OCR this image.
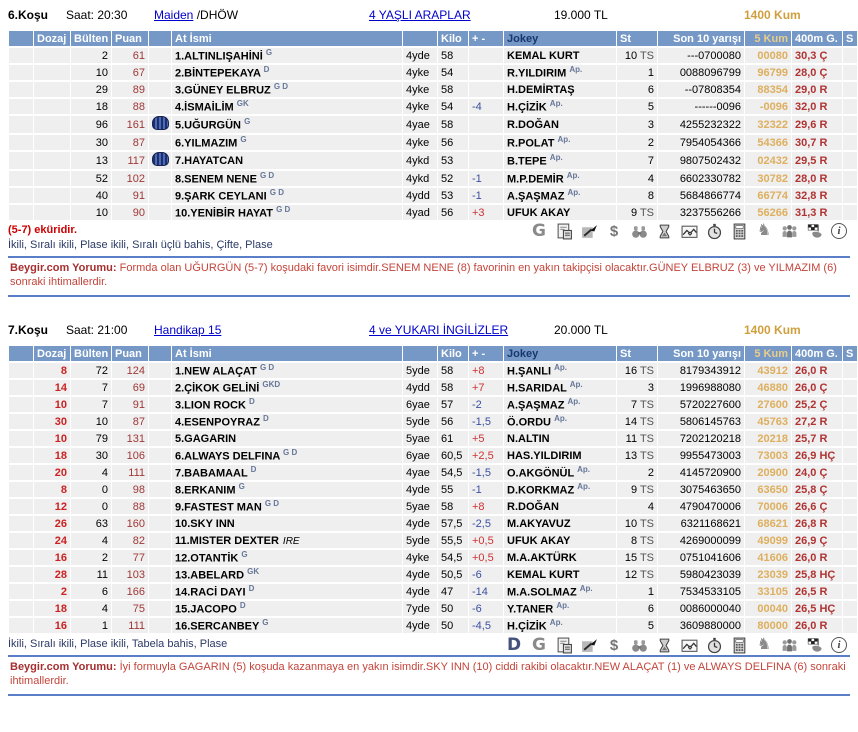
6.Koşu	Saat: 20:30	Maiden /DHÖW	4 YAŞLI ARAPLAR	19.000 TL	1400 Kum
	Dozaj	Bülten	Puan		At İsmi		Kilo	+ -	Jokey	St	Son 10 yarışı	5 Kum	400m G.	S
		2	61		1.ALTINLIŞAHİNİ $^G$	4yde	58		KEMAL KURT	10 TS	---0700080	00080	30,3 Ç	
		10	67		2.BİNTEPEKAYA $^D$	4yke	54		R.YILDIRIM $^{Ap.}$	1	0088096799	96799	28,0 Ç	
		29	89		3.GÜNEY ELBRUZ $^{G D}$	4yke	58		H.DEMİRTAŞ	6	--07808354	88354	29,0 R	
		18	88		4.İSMAİLİM $^{GK}$	4yke	54	-4	H.ÇİZİK $^{Ap.}$	5	------0096	-0096	32,0 R	
		96	161		5.UĞURGÜN $^G$	4yae	58		R.DOĞAN	3	4255232322	32322	29,6 R	
		30	87		6.YILMAZIM $^G$	4yke	56		R.POLAT $^{Ap.}$	2	7954054366	54366	30,7 R	
		13	117		7.HAYATCAN	4ykd	53		B.TEPE $^{Ap.}$	7	9807502432	02432	29,5 R	
		52	102		8.SENEM NENE $^{G D}$	4ykd	52	-1	M.P.DEMİR $^{Ap.}$	4	6602330782	30782	28,0 R	
		40	91		9.ŞARK CEYLANI $^{G D}$	4ydd	53	-1	A.ŞAŞMAZ $^{Ap.}$	8	5684866774	66774	32,8 R	
		10	90		10.YENİBİR HAYAT $^{G D}$	4yad	56	+3	UFUK AKAY	9 TS	3237556266	56266	31,3 R	
(5-7) eküridir.
İkili, Sıralı ikili, Plase ikili, Sıralı üçlü bahis, Çifte, Plase
G	$	♞	i
Beygir.com Yorumu: Formda olan UĞURGÜN (5-7) koşudaki favori isimdir.SENEM NENE (8) favorinin en yakın takipçisi olacaktır.GÜNEY ELBRUZ (3) ve YILMAZIM (6) sonraki ihtimallerdir.
7.Koşu	Saat: 21:00	Handikap 15	4 ve YUKARI İNGİLİZLER	20.000 TL	1400 Kum
	Dozaj	Bülten	Puan		At İsmi		Kilo	+ -	Jokey	St	Son 10 yarışı	5 Kum	400m G.	S
	8	72	124		1.NEW ALAÇAT $^{G D}$	5yde	58	+8	H.ŞANLI $^{Ap.}$	16 TS	8179343912	43912	26,0 R	
	14	7	69		2.ÇİKOK GELİNİ $^{GKD}$	4ydd	58	+7	H.SARIDAL $^{Ap.}$	3	1996988080	46880	26,0 Ç	
	10	7	91		3.LION ROCK $^D$	6yae	57	-2	A.ŞAŞMAZ $^{Ap.}$	7 TS	5720227600	27600	25,2 Ç	
	30	10	87		4.ESENPOYRAZ $^D$	5yde	56	-1,5	Ö.ORDU $^{Ap.}$	14 TS	5806145763	45763	27,2 R	
	10	79	131		5.GAGARIN	5yae	61	+5	N.ALTIN	11 TS	7202120218	20218	25,7 R	
	18	30	106		6.ALWAYS DELFINA $^{G D}$	6yae	60,5	+2,5	HAS.YILDIRIM	13 TS	9955473003	73003	26,9 HÇ	
	20	4	111		7.BABAMAAL $^D$	4yae	54,5	-1,5	O.AKGÖNÜL $^{Ap.}$	2	4145720900	20900	24,0 Ç	
	8	0	98		8.ERKANIM $^G$	4yde	55	-1	D.KORKMAZ $^{Ap.}$	9 TS	3075463650	63650	25,8 Ç	
	12	0	88		9.FASTEST MAN $^{G D}$	5yae	58	+8	R.DOĞAN	4	4790470006	70006	26,6 Ç	
	26	63	160		10.SKY INN	4yde	57,5	-2,5	M.AKYAVUZ	10 TS	6321168621	68621	26,8 R	
	24	4	82		11.MISTER DEXTER IRE	5yde	55,5	+0,5	UFUK AKAY	8 TS	4269000099	49099	26,9 Ç	
	16	2	77		12.OTANTİK $^G$	4yke	54,5	+0,5	M.A.AKTÜRK	15 TS	0751041606	41606	26,0 R	
	28	11	103		13.ABELARD $^{GK}$	4yde	50,5	-6	KEMAL KURT	12 TS	5980423039	23039	25,8 HÇ	
	2	6	166		14.RACİ DAYI $^D$	4yde	47	-14	M.A.SOLMAZ $^{Ap.}$	1	7534533105	33105	26,5 R	
	18	4	75		15.JACOPO $^D$	7yde	50	-6	Y.TANER $^{Ap.}$	6	0086000040	00040	26,5 HÇ	
	16	1	111		16.SERCANBEY $^G$	4yde	50	-4,5	H.ÇİZİK $^{Ap.}$	5	3609880000	80000	26,0 R	
İkili, Sıralı ikili, Plase ikili, Tabela bahis, Plase	D G	$	♞	i
Beygir.com Yorumu: İyi formuyla GAGARIN (5) koşuda kazanmaya en yakın isimdir.SKY INN (10) ciddi rakibi olacaktır.NEW ALAÇAT (1) ve ALWAYS DELFINA (6) sonraki ihtimallerdir.
